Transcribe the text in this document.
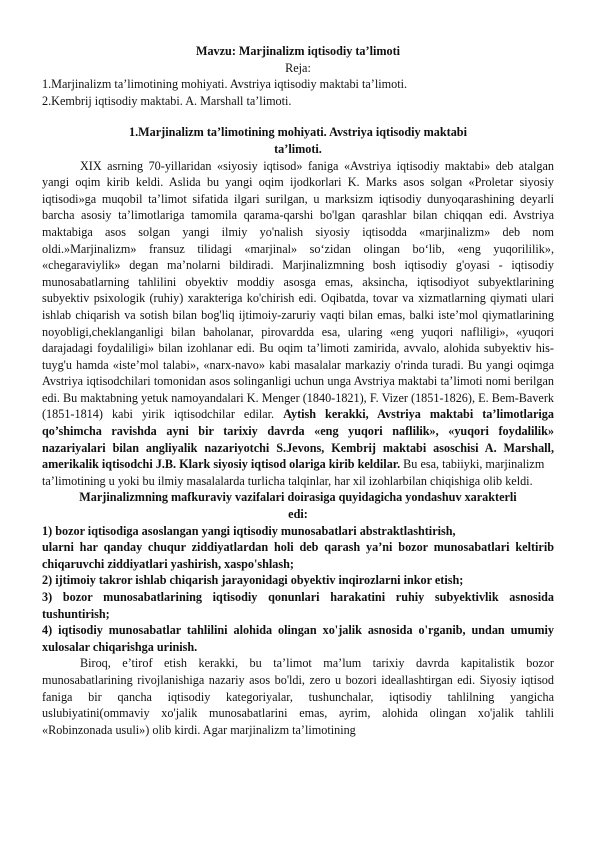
Mavzu: Marjinalizm iqtisodiy ta’limoti

Reja:

1.Marjinalizm ta’limotining mohiyati. Avstriya iqtisodiy maktabi ta’limoti.

2.Kembrij iqtisodiy maktabi. A. Marshall ta’limoti.

1.Marjinalizm ta’limotining mohiyati. Avstriya iqtisodiy maktabi

ta’limoti.

XIX asrning 70-yillaridan «siyosiy iqtisod» faniga «Avstriya iqtisodiy maktabi» deb atalgan yangi oqim kirib keldi. Aslida bu yangi oqim ijodkorlari K. Marks asos solgan «Proletar siyosiy iqtisodi»ga muqobil ta’limot sifatida ilgari surilgan, u marksizm iqtisodiy dunyoqarashining deyarli barcha asosiy ta’limotlariga tamomila qarama-qarshi bo'lgan qarashlar bilan chiqqan edi. Avstriya maktabiga asos solgan yangi ilmiy yo'nalish siyosiy iqtisodda «marjinalizm» deb nom oldi.»Marjinalizm» fransuz tilidagi «marjinal» so‘zidan olingan bo‘lib, «eng yuqorililik», «chegaraviylik» degan ma’nolarni bildiradi. Marjinalizmning bosh iqtisodiy g'oyasi - iqtisodiy munosabatlarning tahlilini obyektiv moddiy asosga emas, aksincha, iqtisodiyot subyektlarining subyektiv psixologik (ruhiy) xarakteriga ko'chirish edi. Oqibatda, tovar va xizmatlarning qiymati ulari ishlab chiqarish va sotish bilan bog'liq ijtimoiy-zaruriy vaqti bilan emas, balki iste’mol qiymatlarining noyobligi,cheklanganligi bilan baholanar, pirovardda esa, ularing «eng yuqori nafliligi», «yuqori darajadagi foydaliligi» bilan izohlanar edi. Bu oqim ta’limoti zamirida, avvalo, alohida subyektiv his-tuyg'u hamda «iste’mol talabi», «narx-navo» kabi masalalar markaziy o'rinda turadi. Bu yangi oqimga Avstriya iqtisodchilari tomonidan asos solinganligi uchun unga Avstriya maktabi ta’limoti nomi berilgan edi. Bu maktabning yetuk namoyandalari K. Menger (1840-1821), F. Vizer (1851-1826), E. Bem-Baverk (1851-1814) kabi yirik iqtisodchilar edilar. Aytish kerakki, Avstriya maktabi ta’limotlariga qo’shimcha ravishda ayni bir tarixiy davrda «eng yuqori naflilik», «yuqori foydalilik» nazariyalari bilan angliyalik nazariyotchi S.Jevons, Kembrij maktabi asoschisi A. Marshall, amerikalik iqtisodchi J.B. Klark siyosiy iqtisod olariga kirib keldilar. Bu esa, tabiiyki, marjinalizm

ta’limotining u yoki bu ilmiy masalalarda turlicha talqinlar, har xil izohlarbilan chiqishiga olib keldi.

Marjinalizmning mafkuraviy vazifalari doirasiga quyidagicha yondashuv xarakterli

edi:

1) bozor iqtisodiga asoslangan yangi iqtisodiy munosabatlari abstraktlashtirish,

ularni har qanday chuqur ziddiyatlardan holi deb qarash ya’ni bozor munosabatlari keltirib chiqaruvchi ziddiyatlari yashirish, xaspo'shlash;

2) ijtimoiy takror ishlab chiqarish jarayonidagi obyektiv inqirozlarni inkor etish;

3) bozor munosabatlarining iqtisodiy qonunlari harakatini ruhiy subyektivlik asnosida tushuntirish;

4) iqtisodiy munosabatlar tahlilini alohida olingan xo'jalik asnosida o'rganib, undan umumiy xulosalar chiqarishga urinish.

Biroq, e’tirof etish kerakki, bu ta’limot ma’lum tarixiy davrda kapitalistik bozor munosabatlarining rivojlanishiga nazariy asos bo'ldi, zero u bozori ideallashtirgan edi. Siyosiy iqtisod faniga bir qancha iqtisodiy kategoriyalar, tushunchalar, iqtisodiy tahlilning yangicha uslubiyatini(ommaviy xo'jalik munosabatlarini emas, ayrim, alohida olingan xo'jalik tahlili «Robinzonada usuli») olib kirdi. Agar marjinalizm ta’limotining
